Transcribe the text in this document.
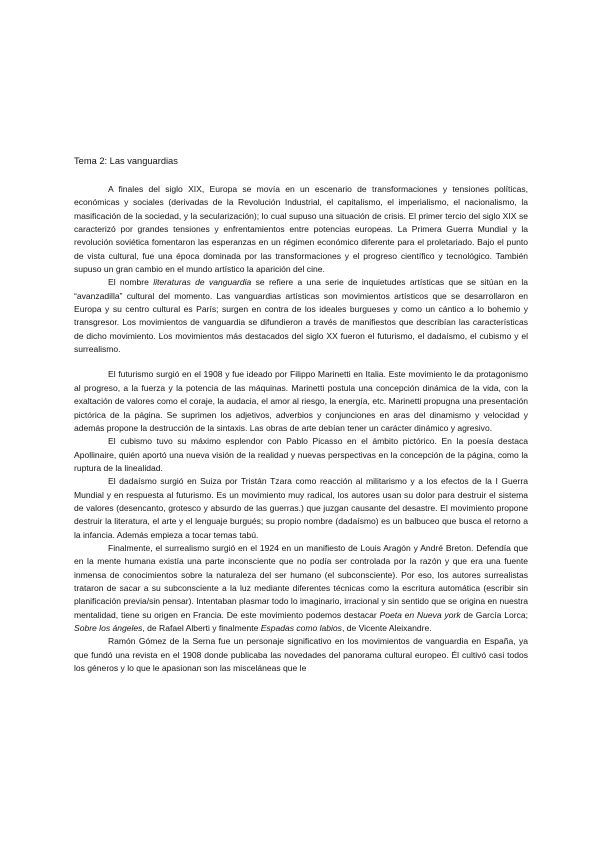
Tema 2: Las vanguardias

A finales del siglo XIX, Europa se movía en un escenario de transformaciones y tensiones políticas, económicas y sociales (derivadas de la Revolución Industrial, el capitalismo, el imperialismo, el nacionalismo, la masificación de la sociedad, y la secularización); lo cual supuso una situación de crisis. El primer tercio del siglo XIX se caracterizó por grandes tensiones y enfrentamientos entre potencias europeas. La Primera Guerra Mundial y la revolución soviética fomentaron las esperanzas en un régimen económico diferente para el proletariado. Bajo el punto de vista cultural, fue una época dominada por las transformaciones y el progreso científico y tecnológico. También supuso un gran cambio en el mundo artístico la aparición del cine.

El nombre literaturas de vanguardia se refiere a una serie de inquietudes artísticas que se sitúan en la “avanzadilla” cultural del momento. Las vanguardias artísticas son movimientos artísticos que se desarrollaron en Europa y su centro cultural es París; surgen en contra de los ideales burgueses y como un cántico a lo bohemio y transgresor. Los movimientos de vanguardia se difundieron a través de manifiestos que describían las características de dicho movimiento. Los movimientos más destacados del siglo XX fueron el futurismo, el dadaísmo, el cubismo y el surrealismo.

El futurismo surgió en el 1908 y fue ideado por Filippo Marinetti en Italia. Este movimiento le da protagonismo al progreso, a la fuerza y la potencia de las máquinas. Marinetti postula una concepción dinámica de la vida, con la exaltación de valores como el coraje, la audacia, el amor al riesgo, la energía, etc. Marinetti propugna una presentación pictórica de la página. Se suprimen los adjetivos, adverbios y conjunciones en aras del dinamismo y velocidad y además propone la destrucción de la sintaxis. Las obras de arte debían tener un carácter dinámico y agresivo.

El cubismo tuvo su máximo esplendor con Pablo Picasso en el ámbito pictórico. En la poesía destaca Apollinaire, quién aportó una nueva visión de la realidad y nuevas perspectivas en la concepción de la página, como la ruptura de la linealidad.

El dadaísmo surgió en Suiza por Tristán Tzara como reacción al militarismo y a los efectos de la I Guerra Mundial y en respuesta al futurismo. Es un movimiento muy radical, los autores usan su dolor para destruir el sistema de valores (desencanto, grotesco y absurdo de las guerras.) que juzgan causante del desastre. El movimiento propone destruir la literatura, el arte y el lenguaje burgués; su propio nombre (dadaísmo) es un balbuceo que busca el retorno a la infancia. Además empieza a tocar temas tabú.

Finalmente, el surrealismo surgió en el 1924 en un manifiesto de Louis Aragón y André Breton. Defendía que en la mente humana existía una parte inconsciente que no podía ser controlada por la razón y que era una fuente inmensa de conocimientos sobre la naturaleza del ser humano (el subconsciente). Por eso, los autores surrealistas trataron de sacar a su subconsciente a la luz mediante diferentes técnicas como la escritura automática (escribir sin planificación previa/sin pensar). Intentaban plasmar todo lo imaginario, irracional y sin sentido que se origina en nuestra mentalidad, tiene su origen en Francia. De este movimiento podemos destacar Poeta en Nueva york de García Lorca; Sobre los ángeles, de Rafael Alberti y finalmente Espadas como labios, de Vicente Aleixandre.

Ramón Gómez de la Serna fue un personaje significativo en los movimientos de vanguardia en España, ya que fundó una revista en el 1908 donde publicaba las novedades del panorama cultural europeo. Él cultivó casi todos los géneros y lo que le apasionan son las misceláneas que le
